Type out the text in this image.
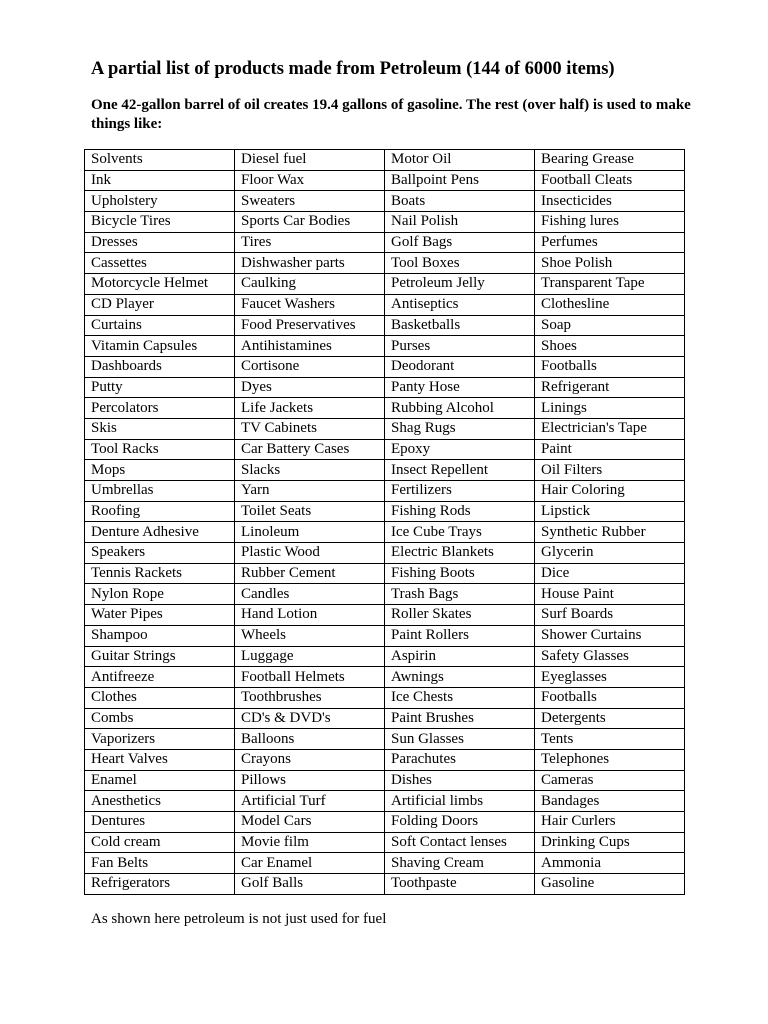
A partial list of products made from Petroleum (144 of 6000 items)

One 42-gallon barrel of oil creates 19.4 gallons of gasoline. The rest (over half) is used to make things like:

Solvents	Diesel fuel	Motor Oil	Bearing Grease
Ink	Floor Wax	Ballpoint Pens	Football Cleats
Upholstery	Sweaters	Boats	Insecticides
Bicycle Tires	Sports Car Bodies	Nail Polish	Fishing lures
Dresses	Tires	Golf Bags	Perfumes
Cassettes	Dishwasher parts	Tool Boxes	Shoe Polish
Motorcycle Helmet	Caulking	Petroleum Jelly	Transparent Tape
CD Player	Faucet Washers	Antiseptics	Clothesline
Curtains	Food Preservatives	Basketballs	Soap
Vitamin Capsules	Antihistamines	Purses	Shoes
Dashboards	Cortisone	Deodorant	Footballs
Putty	Dyes	Panty Hose	Refrigerant
Percolators	Life Jackets	Rubbing Alcohol	Linings
Skis	TV Cabinets	Shag Rugs	Electrician's Tape
Tool Racks	Car Battery Cases	Epoxy	Paint
Mops	Slacks	Insect Repellent	Oil Filters
Umbrellas	Yarn	Fertilizers	Hair Coloring
Roofing	Toilet Seats	Fishing Rods	Lipstick
Denture Adhesive	Linoleum	Ice Cube Trays	Synthetic Rubber
Speakers	Plastic Wood	Electric Blankets	Glycerin
Tennis Rackets	Rubber Cement	Fishing Boots	Dice
Nylon Rope	Candles	Trash Bags	House Paint
Water Pipes	Hand Lotion	Roller Skates	Surf Boards
Shampoo	Wheels	Paint Rollers	Shower Curtains
Guitar Strings	Luggage	Aspirin	Safety Glasses
Antifreeze	Football Helmets	Awnings	Eyeglasses
Clothes	Toothbrushes	Ice Chests	Footballs
Combs	CD's & DVD's	Paint Brushes	Detergents
Vaporizers	Balloons	Sun Glasses	Tents
Heart Valves	Crayons	Parachutes	Telephones
Enamel	Pillows	Dishes	Cameras
Anesthetics	Artificial Turf	Artificial limbs	Bandages
Dentures	Model Cars	Folding Doors	Hair Curlers
Cold cream	Movie film	Soft Contact lenses	Drinking Cups
Fan Belts	Car Enamel	Shaving Cream	Ammonia
Refrigerators	Golf Balls	Toothpaste	Gasoline

As shown here petroleum is not just used for fuel
